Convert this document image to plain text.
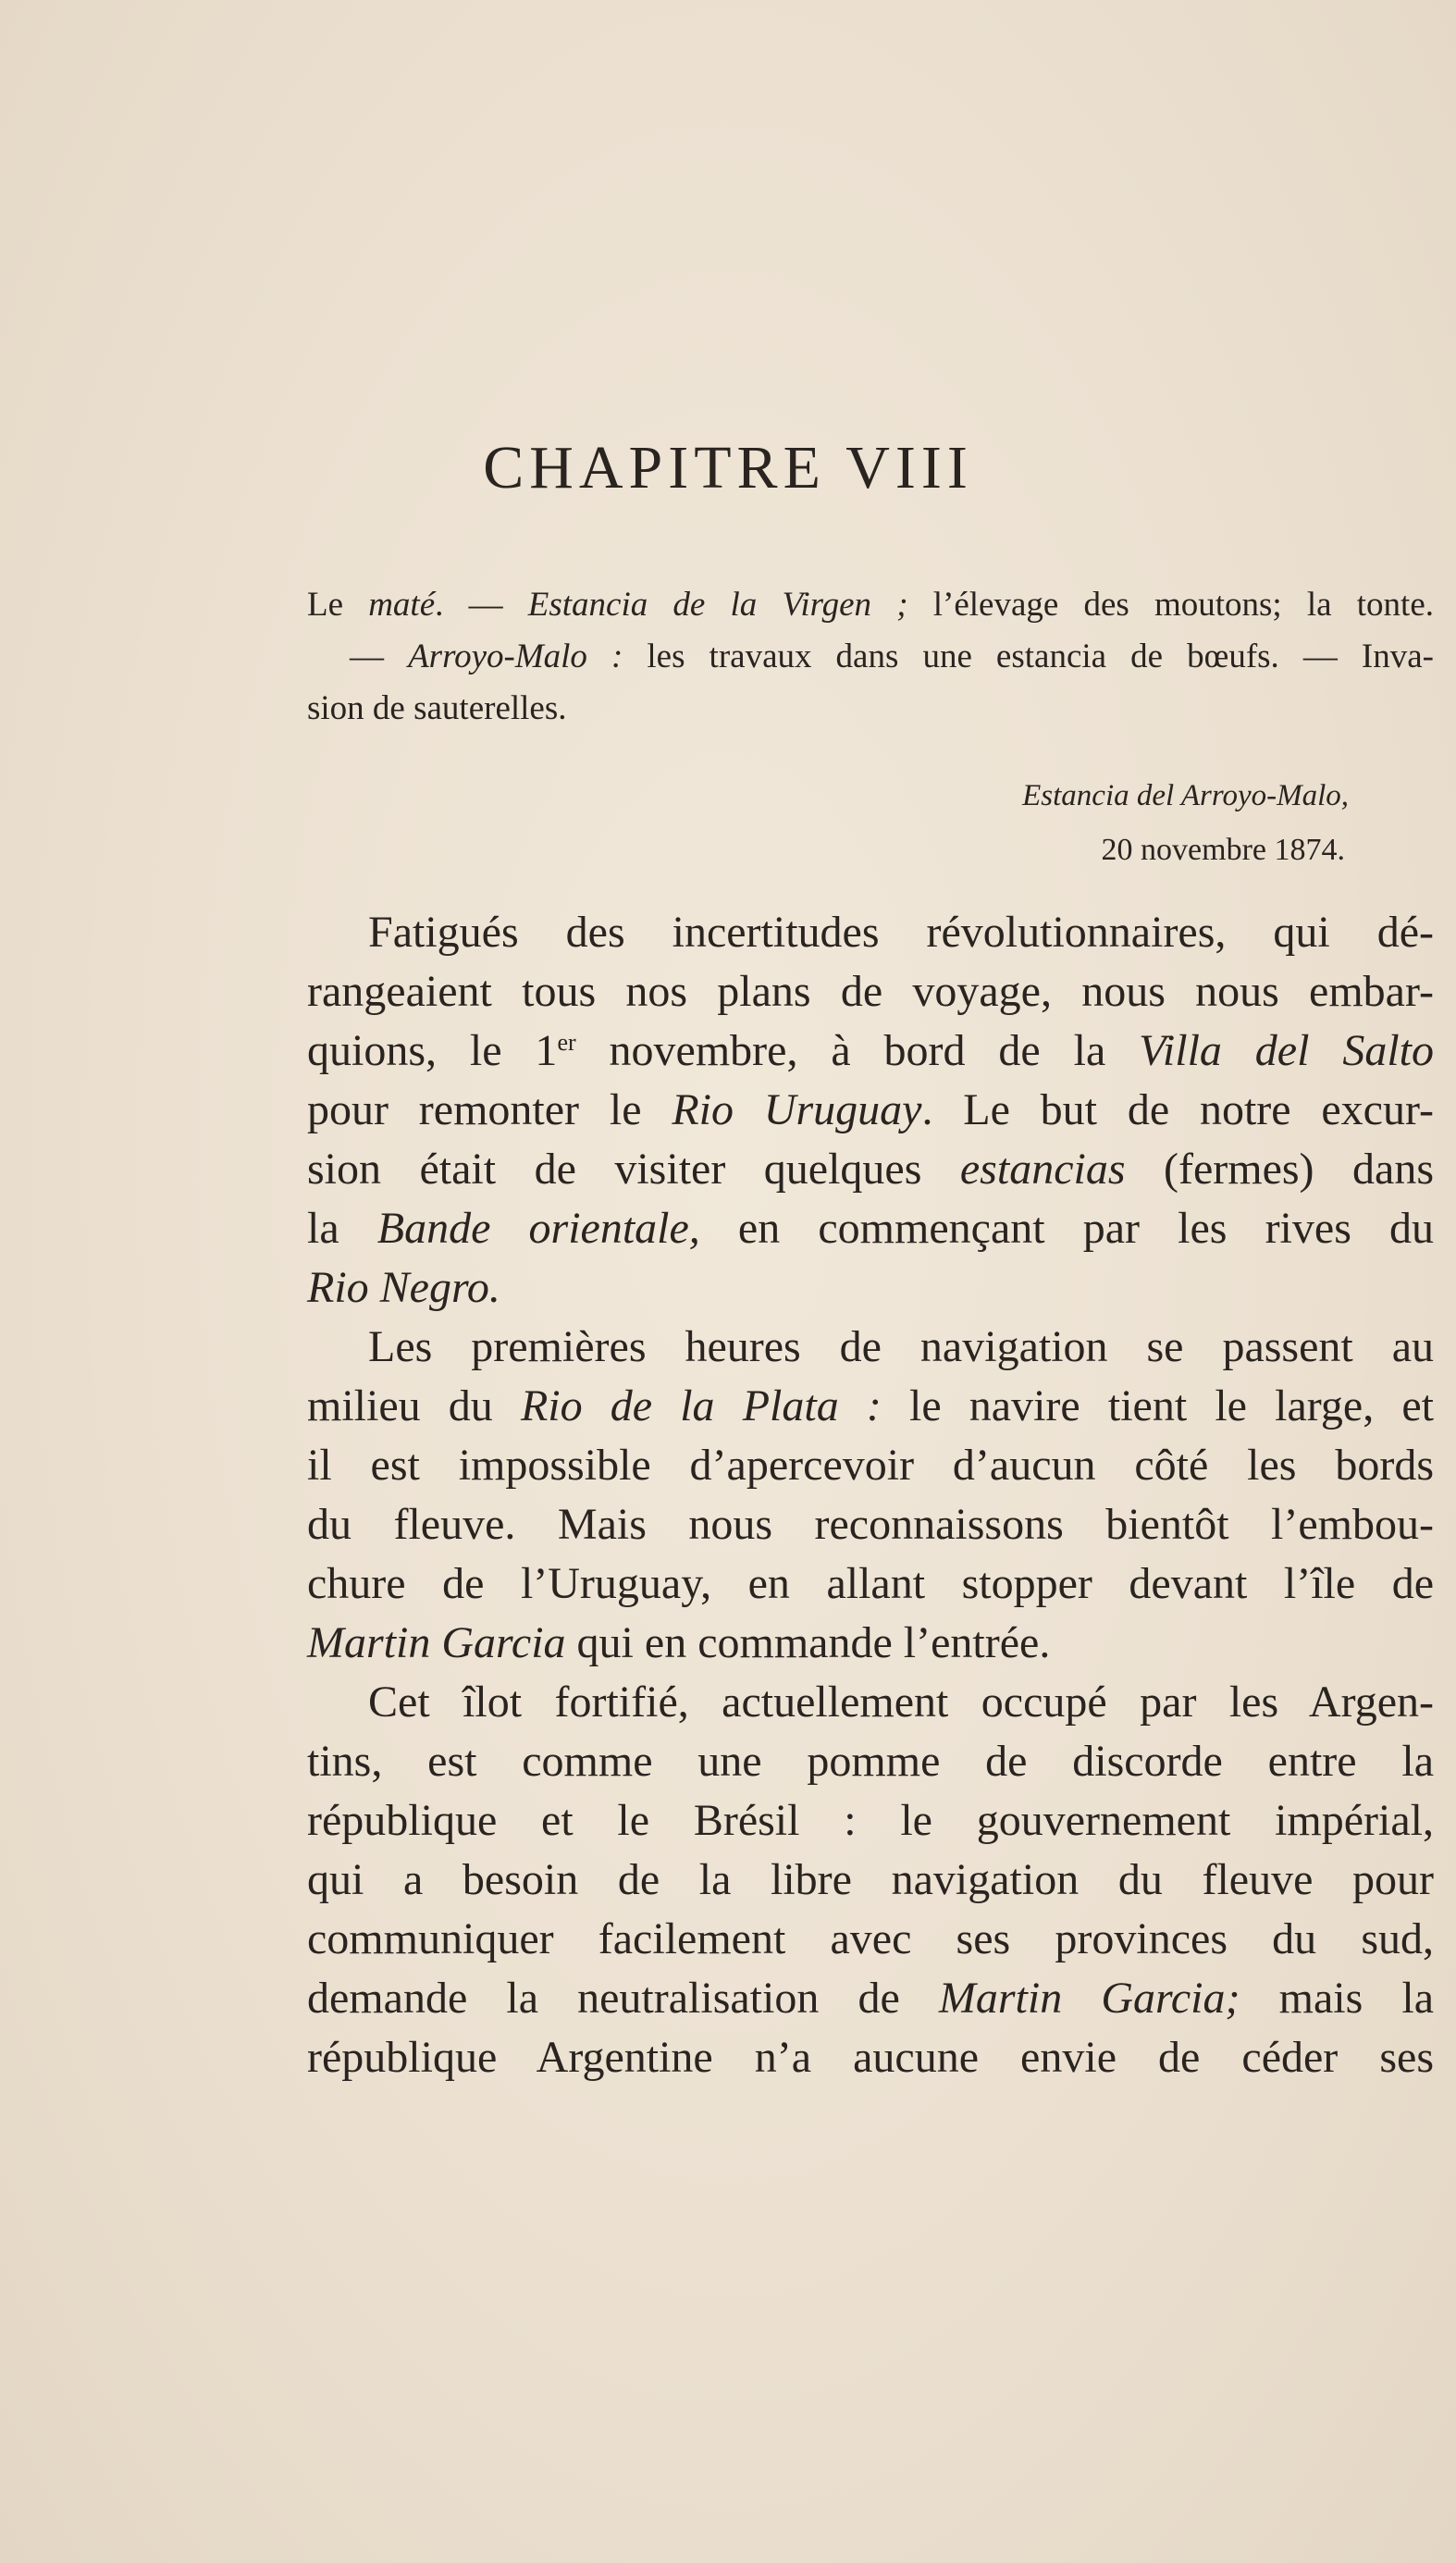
CHAPITRE VIII
Le maté. — Estancia de la Virgen ; l’élevage des moutons; la tonte.
— Arroyo-Malo : les travaux dans une estancia de bœufs. — Inva-
sion de sauterelles.
Estancia del Arroyo-Malo,
20 novembre 1874.
Fatigués des incertitudes révolutionnaires, qui dé-
rangeaient tous nos plans de voyage, nous nous embar-
quions, le 1er novembre, à bord de la Villa del Salto
pour remonter le Rio Uruguay. Le but de notre excur-
sion était de visiter quelques estancias (fermes) dans
la Bande orientale, en commençant par les rives du
Rio Negro.
Les premières heures de navigation se passent au
milieu du Rio de la Plata : le navire tient le large, et
il est impossible d’apercevoir d’aucun côté les bords
du fleuve. Mais nous reconnaissons bientôt l’embou-
chure de l’Uruguay, en allant stopper devant l’île de
Martin Garcia qui en commande l’entrée.
Cet îlot fortifié, actuellement occupé par les Argen-
tins, est comme une pomme de discorde entre la
république et le Brésil : le gouvernement impérial,
qui a besoin de la libre navigation du fleuve pour
communiquer facilement avec ses provinces du sud,
demande la neutralisation de Martin Garcia; mais la
république Argentine n’a aucune envie de céder ses
